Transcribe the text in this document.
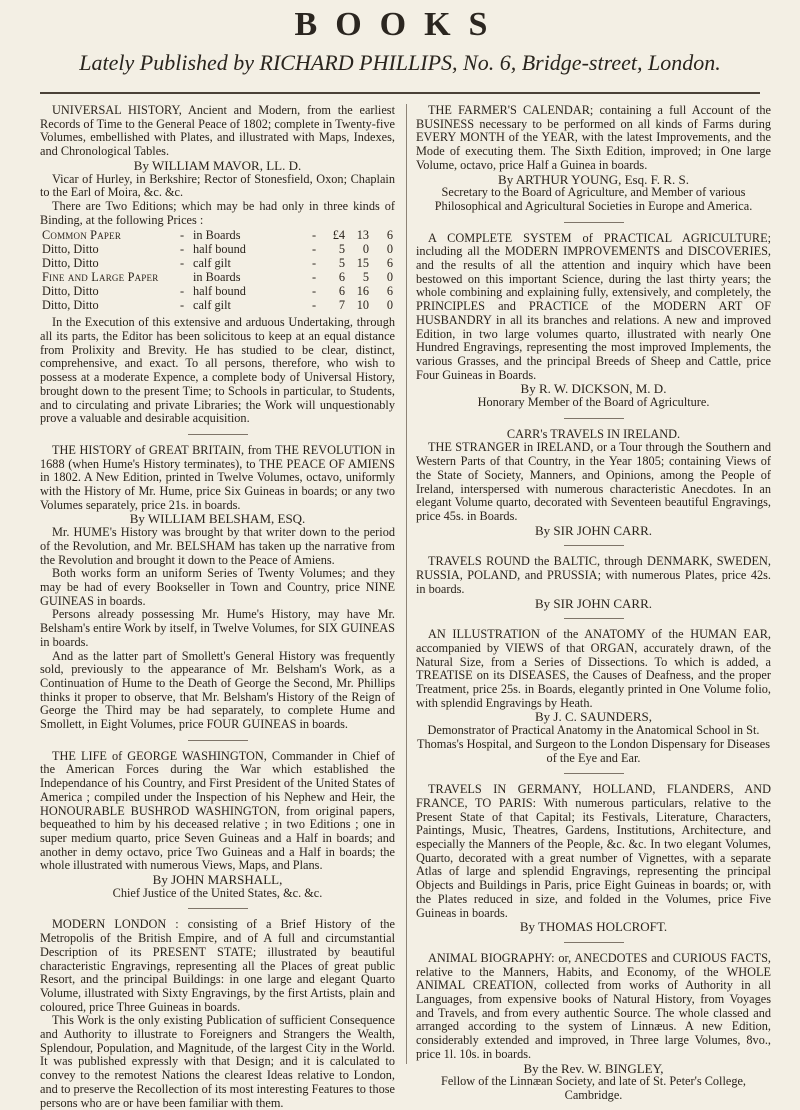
BOOKS
Lately Published by RICHARD PHILLIPS, No. 6, Bridge-street, London.

UNIVERSAL HISTORY, Ancient and Modern, from the earliest Records of Time to the General Peace of 1802; complete in Twenty-five Volumes, embellished with Plates, and illustrated with Maps, Indexes, and Chronological Tables.

By WILLIAM MAVOR, LL. D.

Vicar of Hurley, in Berkshire; Rector of Stonesfield, Oxon; Chaplain to the Earl of Moira, &c. &c.

There are Two Editions; which may be had only in three kinds of Binding, at the following Prices :

Common Paper	-	in Boards	-	£4	13	6
Ditto, Ditto	-	half bound	-	5	0	0
Ditto, Ditto	-	calf gilt	-	5	15	6
Fine and Large Paper		in Boards	-	6	5	0
Ditto, Ditto	-	half bound	-	6	16	6
Ditto, Ditto	-	calf gilt	-	7	10	0

In the Execution of this extensive and arduous Undertaking, through all its parts, the Editor has been solicitous to keep at an equal distance from Prolixity and Brevity. He has studied to be clear, distinct, comprehensive, and exact. To all persons, therefore, who wish to possess at a moderate Expence, a complete body of Universal History, brought down to the present Time; to Schools in particular, to Students, and to circulating and private Libraries; the Work will unquestionably prove a valuable and desirable acquisition.

THE HISTORY of GREAT BRITAIN, from THE REVOLUTION in 1688 (when Hume's History terminates), to THE PEACE OF AMIENS in 1802. A New Edition, printed in Twelve Volumes, octavo, uniformly with the History of Mr. Hume, price Six Guineas in boards; or any two Volumes separately, price 21s. in boards.

By WILLIAM BELSHAM, ESQ.

Mr. HUME's History was brought by that writer down to the period of the Revolution, and Mr. BELSHAM has taken up the narrative from the Revolution and brought it down to the Peace of Amiens.

Both works form an uniform Series of Twenty Volumes; and they may be had of every Bookseller in Town and Country, price NINE GUINEAS in boards.

Persons already possessing Mr. Hume's History, may have Mr. Belsham's entire Work by itself, in Twelve Volumes, for SIX GUINEAS in boards.

And as the latter part of Smollett's General History was frequently sold, previously to the appearance of Mr. Belsham's Work, as a Continuation of Hume to the Death of George the Second, Mr. Phillips thinks it proper to observe, that Mr. Belsham's History of the Reign of George the Third may be had separately, to complete Hume and Smollett, in Eight Volumes, price FOUR GUINEAS in boards.

THE LIFE of GEORGE WASHINGTON, Commander in Chief of the American Forces during the War which established the Independance of his Country, and First President of the United States of America ; compiled under the Inspection of his Nephew and Heir, the HONOURABLE BUSHROD WASHINGTON, from original papers, bequeathed to him by his deceased relative ; in two Editions ; one in super medium quarto, price Seven Guineas and a Half in boards; and another in demy octavo, price Two Guineas and a Half in boards; the whole illustrated with numerous Views, Maps, and Plans.

By JOHN MARSHALL,

Chief Justice of the United States, &c. &c.

MODERN LONDON : consisting of a Brief History of the Metropolis of the British Empire, and of A full and circumstantial Description of its PRESENT STATE; illustrated by beautiful characteristic Engravings, representing all the Places of great public Resort, and the principal Buildings: in one large and elegant Quarto Volume, illustrated with Sixty Engravings, by the first Artists, plain and coloured, price Three Guineas in boards.

This Work is the only existing Publication of sufficient Consequence and Authority to illustrate to Foreigners and Strangers the Wealth, Splendour, Population, and Magnitude, of the largest City in the World. It was published expressly with that Design; and it is calculated to convey to the remotest Nations the clearest Ideas relative to London, and to preserve the Recollection of its most interesting Features to those persons who are or have been familiar with them.

THE FARMER'S CALENDAR; containing a full Account of the BUSINESS necessary to be performed on all kinds of Farms during EVERY MONTH of the YEAR, with the latest Improvements, and the Mode of executing them. The Sixth Edition, improved; in One large Volume, octavo, price Half a Guinea in boards.

By ARTHUR YOUNG, Esq. F. R. S.

Secretary to the Board of Agriculture, and Member of various Philosophical and Agricultural Societies in Europe and America.

A COMPLETE SYSTEM of PRACTICAL AGRICULTURE; including all the MODERN IMPROVEMENTS and DISCOVERIES, and the results of all the attention and inquiry which have been bestowed on this important Science, during the last thirty years; the whole combining and explaining fully, extensively, and completely, the PRINCIPLES and PRACTICE of the MODERN ART OF HUSBANDRY in all its branches and relations. A new and improved Edition, in two large volumes quarto, illustrated with nearly One Hundred Engravings, representing the most improved Implements, the various Grasses, and the principal Breeds of Sheep and Cattle, price Four Guineas in Boards.

By R. W. DICKSON, M. D.

Honorary Member of the Board of Agriculture.

CARR's TRAVELS IN IRELAND.

THE STRANGER in IRELAND, or a Tour through the Southern and Western Parts of that Country, in the Year 1805; containing Views of the State of Society, Manners, and Opinions, among the People of Ireland, interspersed with numerous characteristic Anecdotes. In an elegant Volume quarto, decorated with Seventeen beautiful Engravings, price 45s. in Boards.

By SIR JOHN CARR.

TRAVELS ROUND the BALTIC, through DENMARK, SWEDEN, RUSSIA, POLAND, and PRUSSIA; with numerous Plates, price 42s. in boards.

By SIR JOHN CARR.

AN ILLUSTRATION of the ANATOMY of the HUMAN EAR, accompanied by VIEWS of that ORGAN, accurately drawn, of the Natural Size, from a Series of Dissections. To which is added, a TREATISE on its DISEASES, the Causes of Deafness, and the proper Treatment, price 25s. in Boards, elegantly printed in One Volume folio, with splendid Engravings by Heath.

By J. C. SAUNDERS,

Demonstrator of Practical Anatomy in the Anatomical School in St. Thomas's Hospital, and Surgeon to the London Dispensary for Diseases of the Eye and Ear.

TRAVELS IN GERMANY, HOLLAND, FLANDERS, AND FRANCE, TO PARIS: With numerous particulars, relative to the Present State of that Capital; its Festivals, Literature, Characters, Paintings, Music, Theatres, Gardens, Institutions, Architecture, and especially the Manners of the People, &c. &c. In two elegant Volumes, Quarto, decorated with a great number of Vignettes, with a separate Atlas of large and splendid Engravings, representing the principal Objects and Buildings in Paris, price Eight Guineas in boards; or, with the Plates reduced in size, and folded in the Volumes, price Five Guineas in boards.

By THOMAS HOLCROFT.

ANIMAL BIOGRAPHY: or, ANECDOTES and CURIOUS FACTS, relative to the Manners, Habits, and Economy, of the WHOLE ANIMAL CREATION, collected from works of Authority in all Languages, from expensive books of Natural History, from Voyages and Travels, and from every authentic Source. The whole classed and arranged according to the system of Linnæus. A new Edition, considerably extended and improved, in Three large Volumes, 8vo., price 1l. 10s. in boards.

By the Rev. W. BINGLEY,

Fellow of the Linnæan Society, and late of St. Peter's College, Cambridge.
